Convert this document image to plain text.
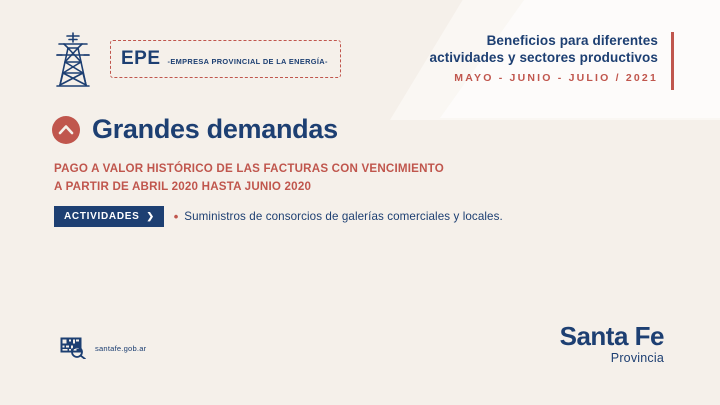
EPE -EMPRESA PROVINCIAL DE LA ENERGÍA-
Beneficios para diferentes
actividades y sectores productivos
MAYO - JUNIO - JULIO / 2021
Grandes demandas
PAGO A VALOR HISTÓRICO DE LAS FACTURAS CON VENCIMIENTO
A PARTIR DE ABRIL 2020 HASTA JUNIO 2020
ACTIVIDADES ❯ • Suministros de consorcios de galerías comerciales y locales.
santafe.gob.ar	Santa Fe
Provincia
